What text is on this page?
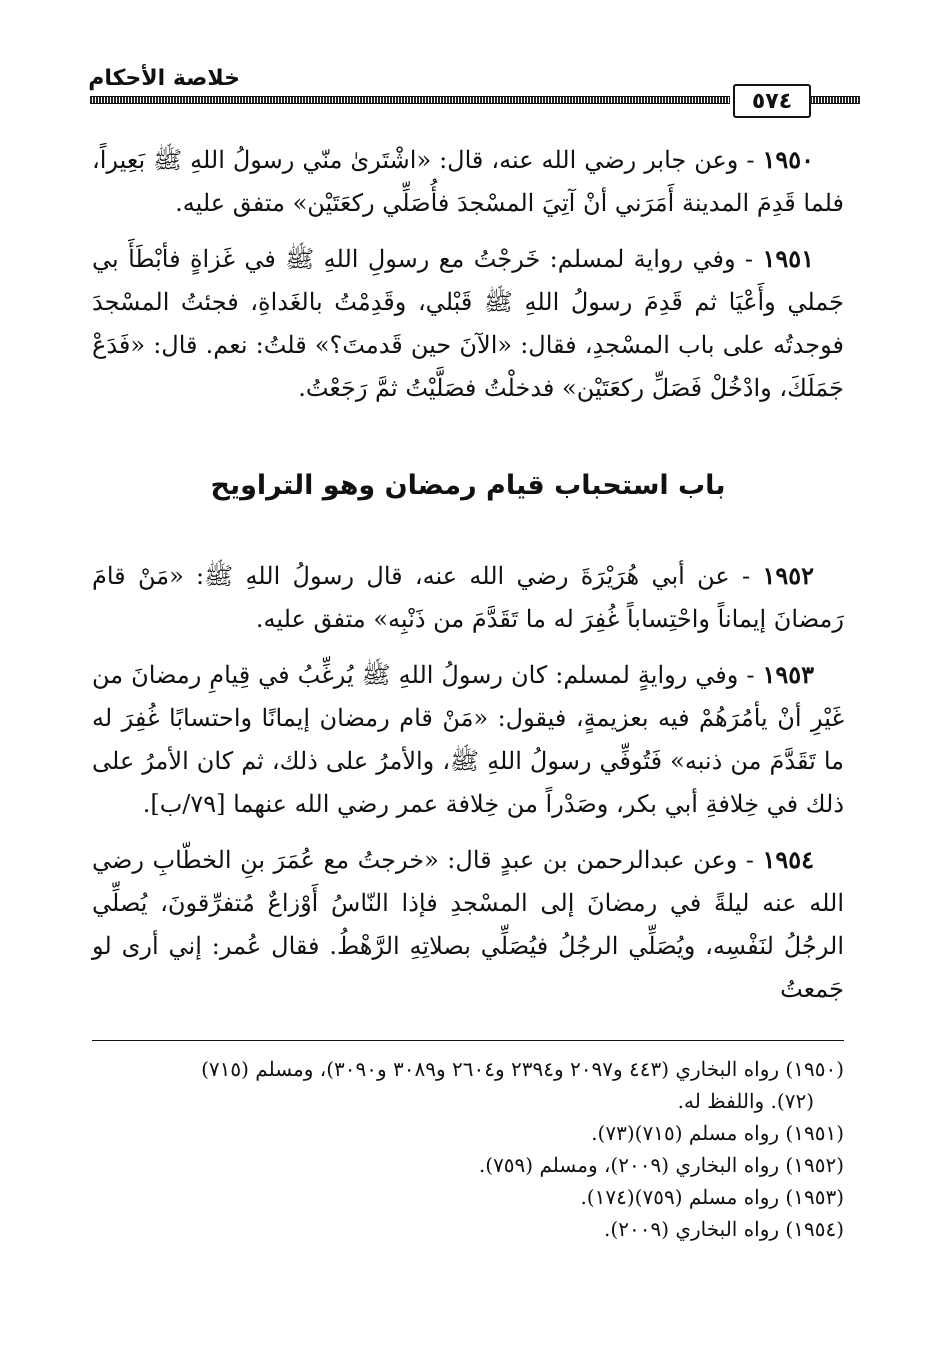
خلاصة الأحكام
٥٧٤

١٩٥٠ - وعن جابر رضي الله عنه، قال: «اشْتَرىٰ منّي رسولُ اللهِ ﷺ بَعِيراً، فلما قَدِمَ المدينة أَمَرَني أنْ آتِيَ المسْجدَ فأُصَلِّي ركعَتَيْن» متفق عليه.

١٩٥١ - وفي رواية لمسلم: خَرجْتُ مع رسولِ اللهِ ﷺ في غَزاةٍ فأبْطَأَ بي جَملي وأَعْيَا ثم قَدِمَ رسولُ اللهِ ﷺ قَبْلي، وقَدِمْتُ بالغَداةِ، فجئتُ المسْجدَ فوجدتُه على باب المسْجدِ، فقال: «الآنَ حين قَدمتَ؟» قلتُ: نعم. قال: «فَدَعْ جَمَلَكَ، وادْخُلْ فَصَلِّ ركعَتَيْن» فدخلْتُ فصَلَّيْتُ ثمَّ رَجَعْتُ.

باب استحباب قيام رمضان وهو التراويح

١٩٥٢ - عن أبي هُرَيْرَةَ رضي الله عنه، قال رسولُ اللهِ ﷺ: «مَنْ قامَ رَمضانَ إيماناً واحْتِساباً غُفِرَ له ما تَقَدَّمَ من ذَنْبِه» متفق عليه.

١٩٥٣ - وفي روايةٍ لمسلم: كان رسولُ اللهِ ﷺ يُرغِّبُ في قِيامِ رمضانَ من غَيْرِ أنْ يأمُرَهُمْ فيه بعزيمةٍ، فيقول: «مَنْ قام رمضان إيمانًا واحتسابًا غُفِرَ له ما تَقَدَّمَ من ذنبه» فَتُوفِّي رسولُ اللهِ ﷺ، والأمرُ على ذلك، ثم كان الأمرُ على ذلك في خِلافةِ أبي بكر، وصَدْراً من خِلافة عمر رضي الله عنهما [٧٩/ب].

١٩٥٤ - وعن عبدالرحمن بن عبدٍ قال: «خرجتُ مع عُمَرَ بنِ الخطّابِ رضي الله عنه ليلةً في رمضانَ إلى المسْجدِ فإذا النّاسُ أَوْزاعٌ مُتفرِّقونَ، يُصلِّي الرجُلُ لنَفْسِه، ويُصَلِّي الرجُلُ فيُصَلِّي بصلاتِهِ الرَّهْطُ. فقال عُمر: إني أرى لو جَمعتُ

(١٩٥٠) رواه البخاري (٤٤٣ و٢٠٩٧ و٢٣٩٤ و٢٦٠٤ و٣٠٨٩ و٣٠٩٠)، ومسلم (٧١٥)

(٧٢). واللفظ له.

(١٩٥١) رواه مسلم (٧١٥)(٧٣).

(١٩٥٢) رواه البخاري (٢٠٠٩)، ومسلم (٧٥٩).

(١٩٥٣) رواه مسلم (٧٥٩)(١٧٤).

(١٩٥٤) رواه البخاري (٢٠٠٩).
